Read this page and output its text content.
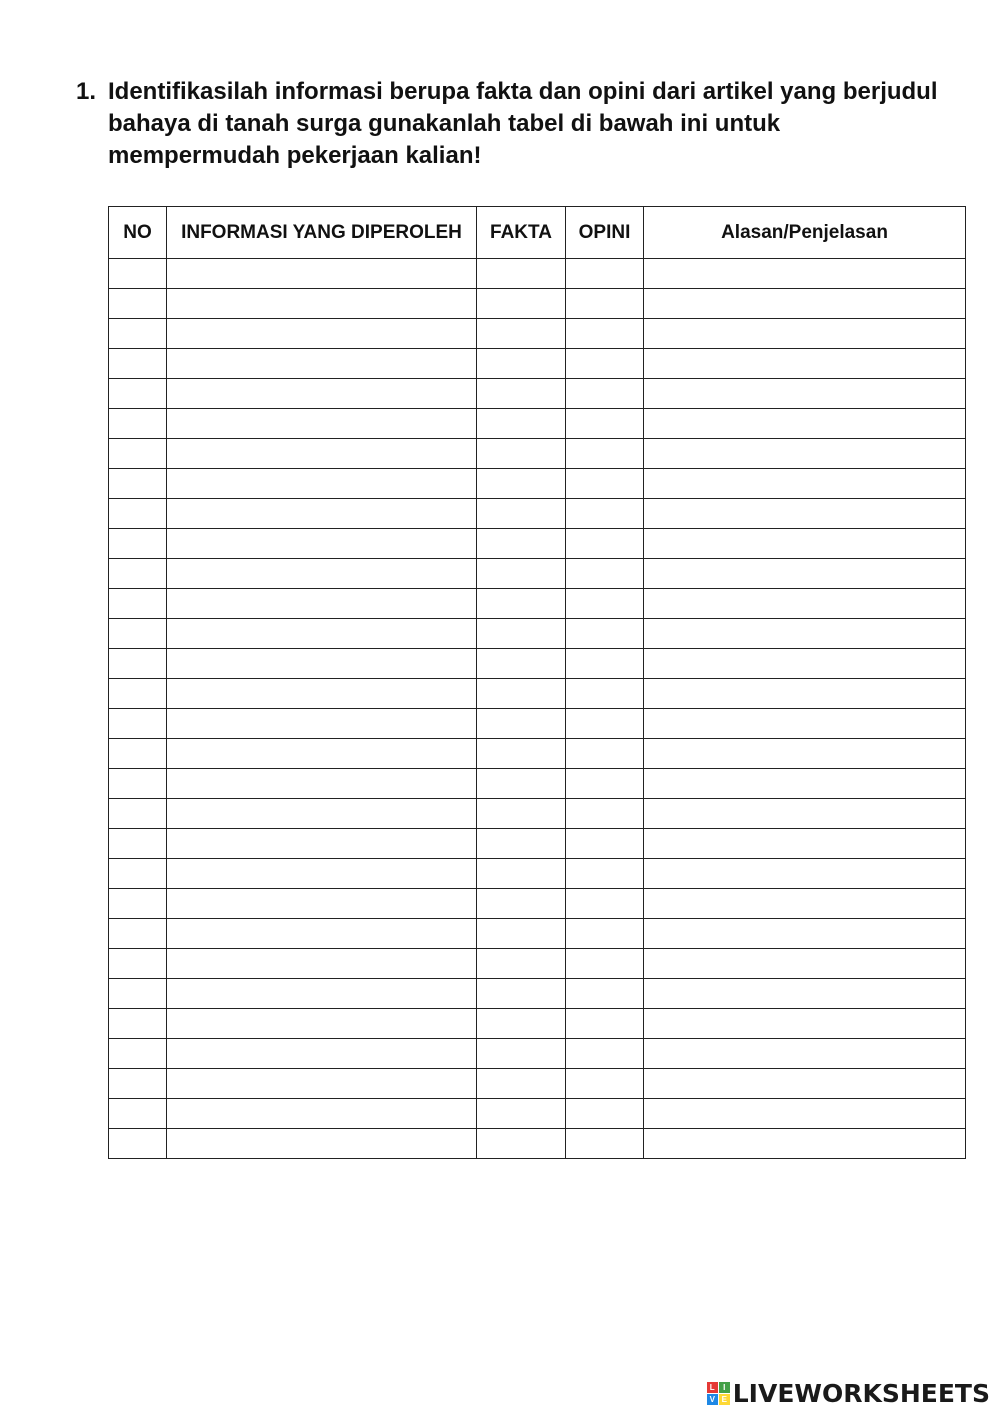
1. Identifikasilah informasi berupa fakta dan opini dari artikel yang berjudul bahaya di tanah surga gunakanlah tabel di bawah ini untuk mempermudah pekerjaan kalian!
NO	INFORMASI YANG DIPEROLEH	FAKTA	OPINI	Alasan/Penjelasan

L	I
V E LIVEWORKSHEETS
